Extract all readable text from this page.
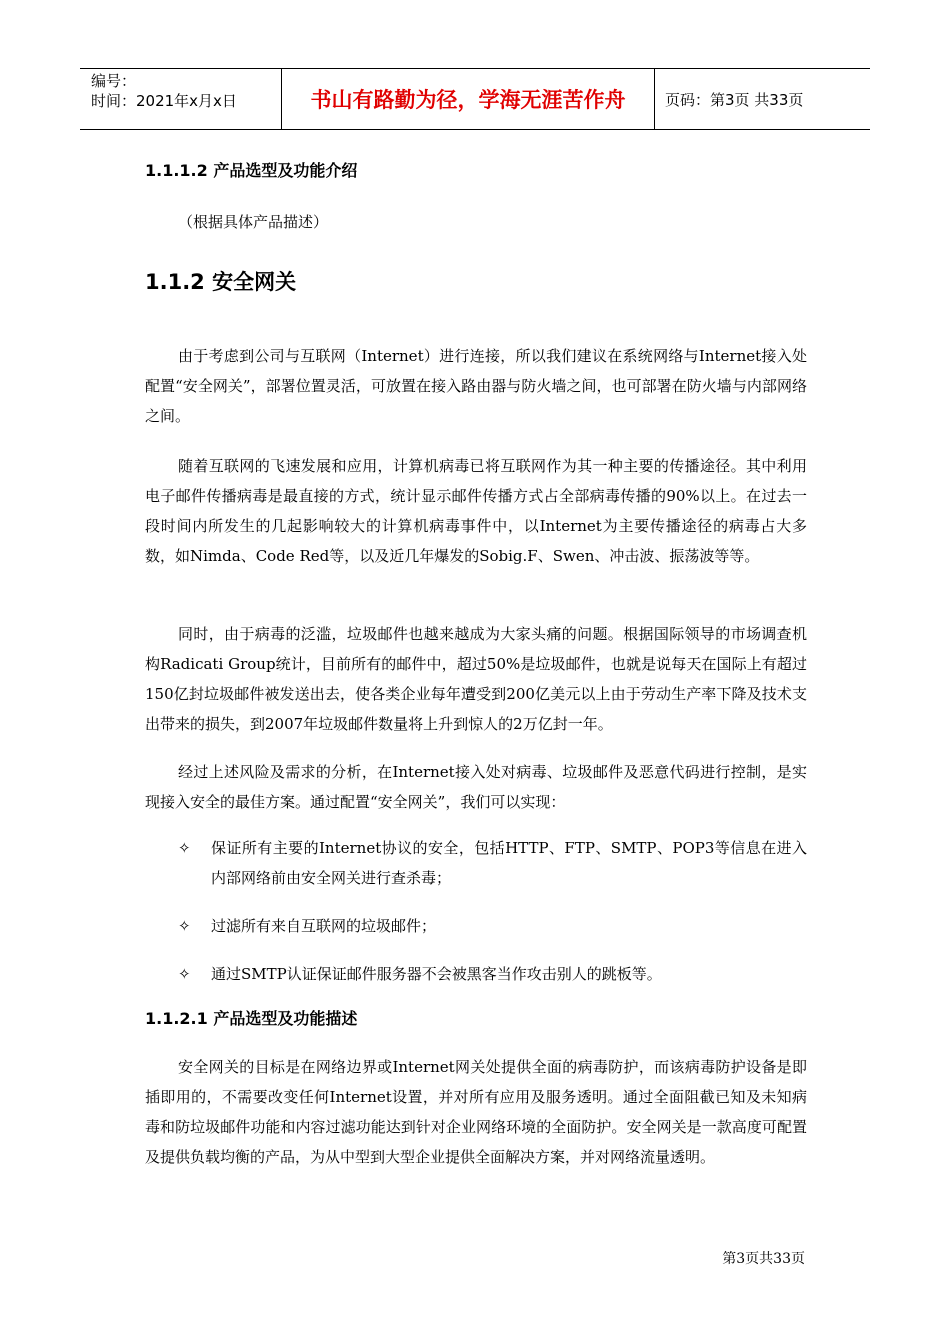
编号：
时间：2021年x月x日	书山有路勤为径，学海无涯苦作舟	页码：第3页 共33页
1.1.1.2 产品选型及功能介绍
（根据具体产品描述）
1.1.2 安全网关

由于考虑到公司与互联网（Internet）进行连接，所以我们建议在系统网络与Internet接入处配置“安全网关”，部署位置灵活，可放置在接入路由器与防火墙之间，也可部署在防火墙与内部网络之间。

随着互联网的飞速发展和应用，计算机病毒已将互联网作为其一种主要的传播途径。其中利用电子邮件传播病毒是最直接的方式，统计显示邮件传播方式占全部病毒传播的90%以上。在过去一段时间内所发生的几起影响较大的计算机病毒事件中，以Internet为主要传播途径的病毒占大多数，如Nimda、Code Red等，以及近几年爆发的Sobig.F、Swen、冲击波、振荡波等等。

同时，由于病毒的泛滥，垃圾邮件也越来越成为大家头痛的问题。根据国际领导的市场调查机构Radicati Group统计，目前所有的邮件中，超过50%是垃圾邮件，也就是说每天在国际上有超过150亿封垃圾邮件被发送出去，使各类企业每年遭受到200亿美元以上由于劳动生产率下降及技术支出带来的损失，到2007年垃圾邮件数量将上升到惊人的2万亿封一年。

经过上述风险及需求的分析，在Internet接入处对病毒、垃圾邮件及恶意代码进行控制，是实现接入安全的最佳方案。通过配置“安全网关”，我们可以实现：

✧ 保证所有主要的Internet协议的安全，包括HTTP、FTP、SMTP、POP3等信息在进入内部网络前由安全网关进行查杀毒；
✧ 过滤所有来自互联网的垃圾邮件；
✧ 通过SMTP认证保证邮件服务器不会被黑客当作攻击别人的跳板等。
1.1.2.1 产品选型及功能描述

安全网关的目标是在网络边界或Internet网关处提供全面的病毒防护，而该病毒防护设备是即插即用的，不需要改变任何Internet设置，并对所有应用及服务透明。通过全面阻截已知及未知病毒和防垃圾邮件功能和内容过滤功能达到针对企业网络环境的全面防护。安全网关是一款高度可配置及提供负载均衡的产品，为从中型到大型企业提供全面解决方案，并对网络流量透明。

第3页共33页
